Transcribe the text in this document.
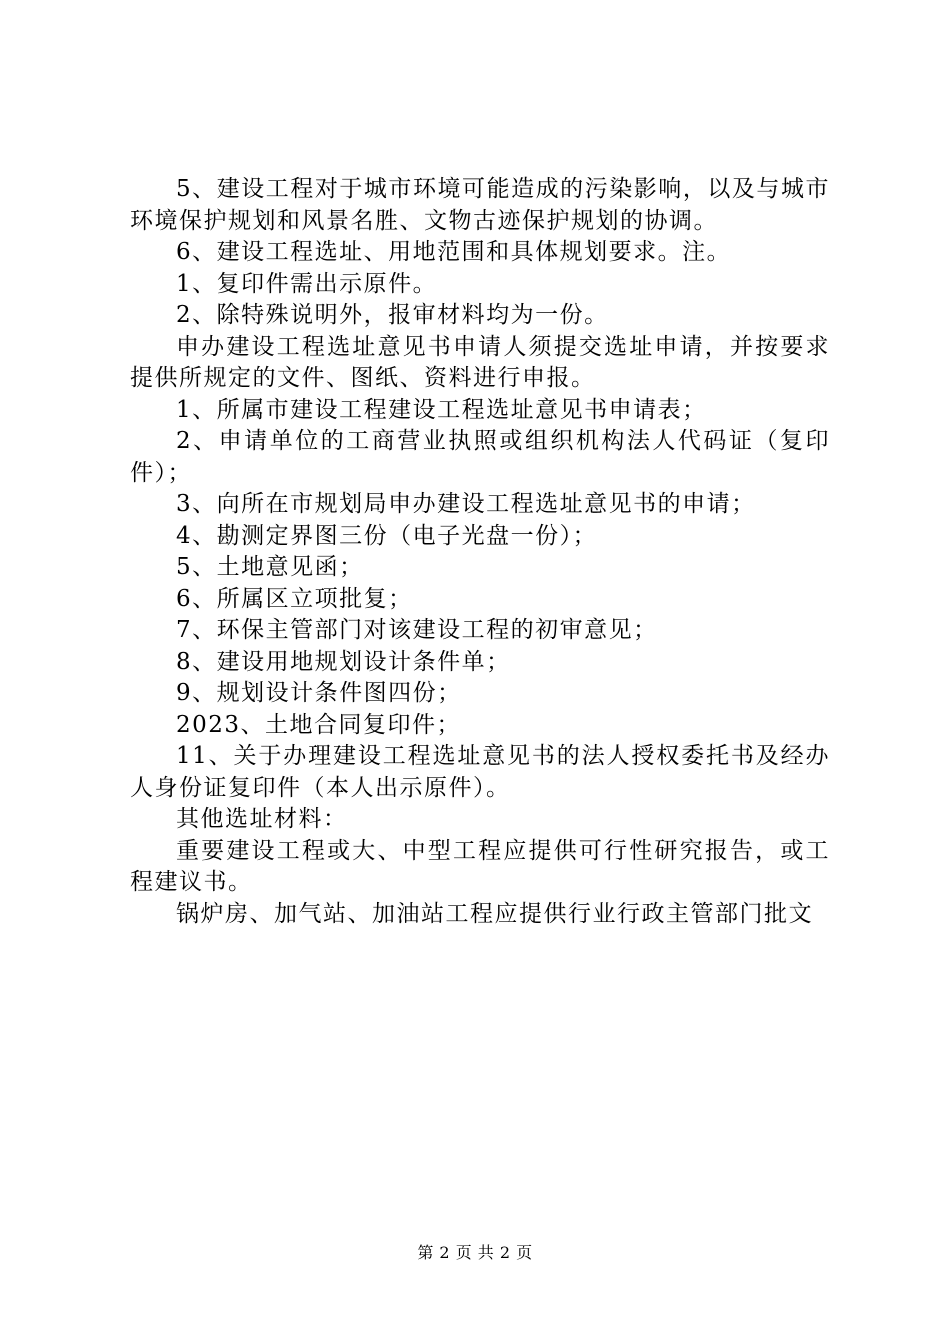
5、建设工程对于城市环境可能造成的污染影响，以及与城市环境保护规划和风景名胜、文物古迹保护规划的协调。

6、建设工程选址、用地范围和具体规划要求。注。

1、复印件需出示原件。

2、除特殊说明外，报审材料均为一份。

申办建设工程选址意见书申请人须提交选址申请，并按要求提供所规定的文件、图纸、资料进行申报。

1、所属市建设工程建设工程选址意见书申请表；

2、申请单位的工商营业执照或组织机构法人代码证（复印件）；

3、向所在市规划局申办建设工程选址意见书的申请；

4、勘测定界图三份（电子光盘一份）；

5、土地意见函；

6、所属区立项批复；

7、环保主管部门对该建设工程的初审意见；

8、建设用地规划设计条件单；

9、规划设计条件图四份；

2023、土地合同复印件；

11、关于办理建设工程选址意见书的法人授权委托书及经办人身份证复印件（本人出示原件）。

其他选址材料：

重要建设工程或大、中型工程应提供可行性研究报告，或工程建议书。

锅炉房、加气站、加油站工程应提供行业行政主管部门批文

第 2 页 共 2 页
